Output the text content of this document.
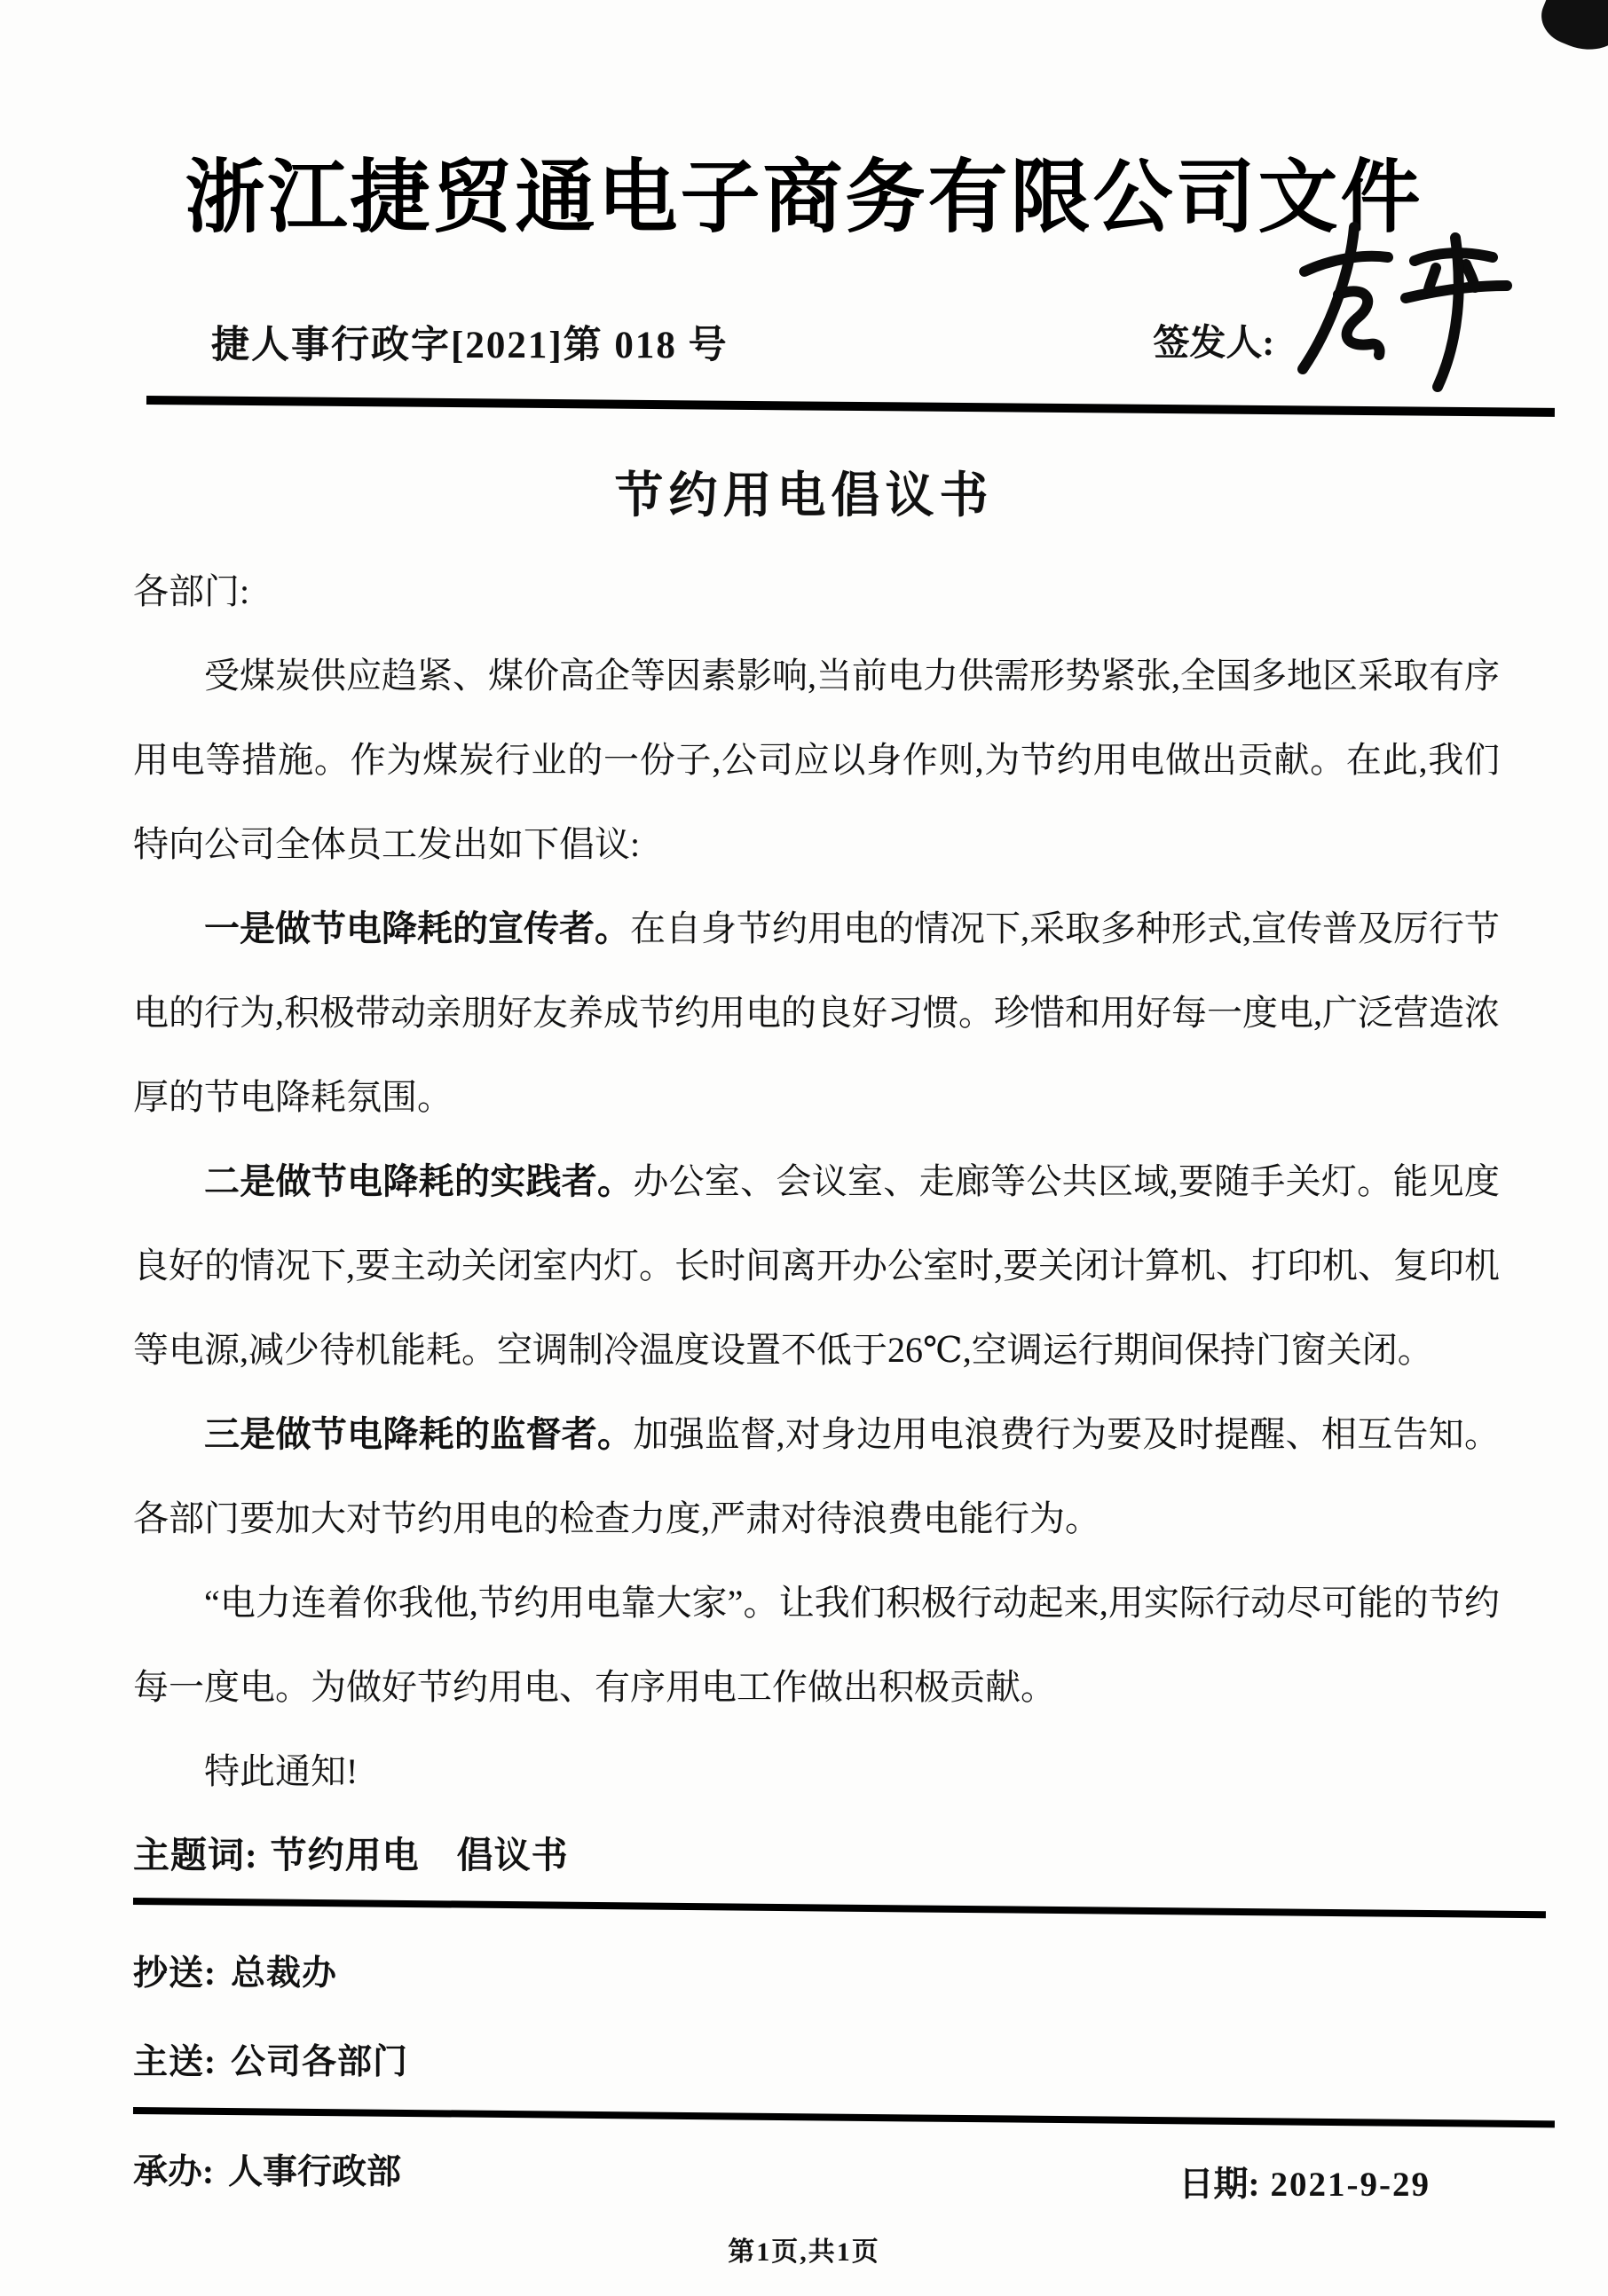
浙江捷贸通电子商务有限公司文件
捷人事行政字[2021]第 018 号	签发人:
节约用电倡议书

各部门:

受煤炭供应趋紧、煤价高企等因素影响,当前电力供需形势紧张,全国多地区采取有序用电等措施。作为煤炭行业的一份子,公司应以身作则,为节约用电做出贡献。在此,我们特向公司全体员工发出如下倡议:

一是做节电降耗的宣传者。在自身节约用电的情况下,采取多种形式,宣传普及厉行节电的行为,积极带动亲朋好友养成节约用电的良好习惯。珍惜和用好每一度电,广泛营造浓厚的节电降耗氛围。

二是做节电降耗的实践者。办公室、会议室、走廊等公共区域,要随手关灯。能见度良好的情况下,要主动关闭室内灯。长时间离开办公室时,要关闭计算机、打印机、复印机等电源,减少待机能耗。空调制冷温度设置不低于26℃,空调运行期间保持门窗关闭。

三是做节电降耗的监督者。加强监督,对身边用电浪费行为要及时提醒、相互告知。各部门要加大对节约用电的检查力度,严肃对待浪费电能行为。

“电力连着你我他,节约用电靠大家”。让我们积极行动起来,用实际行动尽可能的节约每一度电。为做好节约用电、有序用电工作做出积极贡献。

特此通知!

主题词: 节约用电　倡议书
抄送: 总裁办
主送: 公司各部门
承办: 人事行政部	日期: 2021-9-29
第1页,共1页
